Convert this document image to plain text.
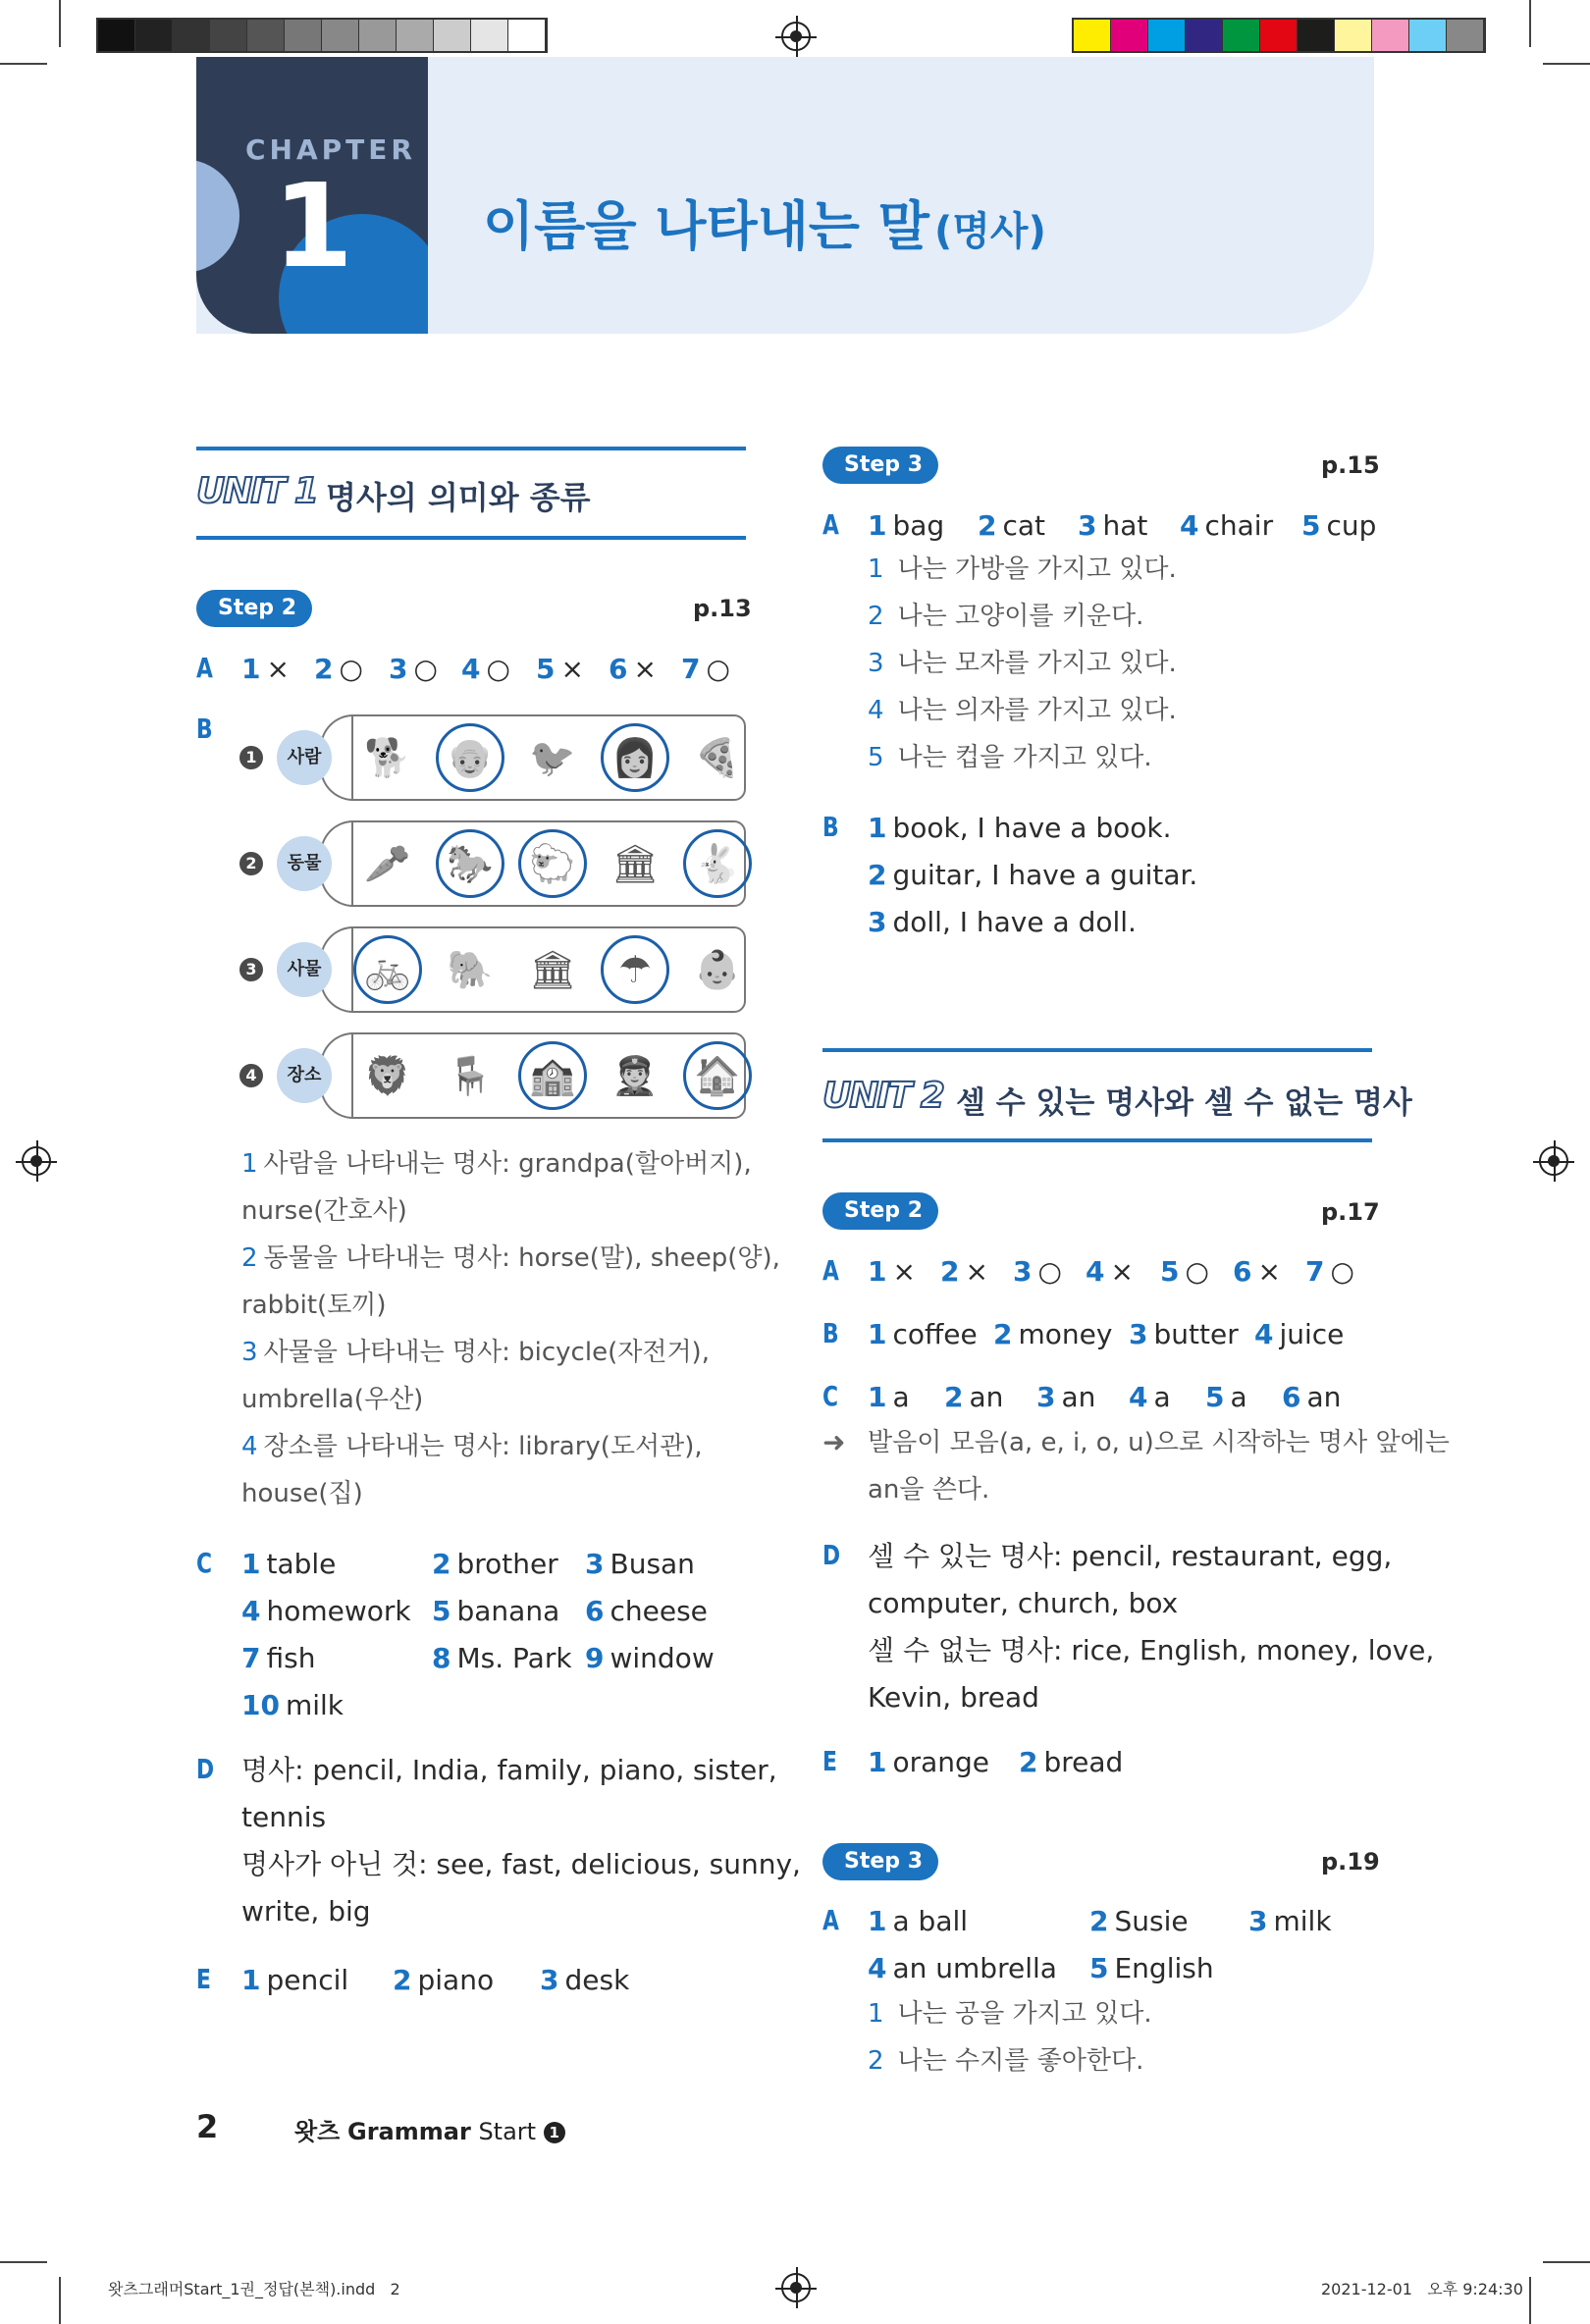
CHAPTER
1 이름을 나타내는 말 (명사)
UNIT 1 명사의 의미와 종류
Step 2	p.13
A 1 × 2 ○ 3 ○ 4 ○ 5 × 6 × 7 ○
B
1	사람 🐕 👴 🐦 👩 🍕
2	동물 🥕 🐎 🐑 🏛 🐇
3	사물 🚲 🐘 🏛	☂	👶
4	장소 🦁 🪑 🏫 👮 🏠
1 사람을 나타내는 명사: grandpa(할아버지),
nurse(간호사)
2 동물을 나타내는 명사: horse(말), sheep(양),
rabbit(토끼)
3 사물을 나타내는 명사: bicycle(자전거),
umbrella(우산)
4 장소를 나타내는 명사: library(도서관),
house(집)
C 1 table	2 brother 3 Busan
4 homework 5 banana 6 cheese
7 fish	8 Ms. Park 9 window
10 milk
D 명사: pencil, India, family, piano, sister,
tennis
명사가 아닌 것: see, fast, delicious, sunny,
write, big
E 1 pencil 2 piano 3 desk
Step 3	p.15
A 1 bag 2 cat 3 hat 4 chair 5 cup
1 나는 가방을 가지고 있다.
2 나는 고양이를 키운다.
3 나는 모자를 가지고 있다.
4 나는 의자를 가지고 있다.
5 나는 컵을 가지고 있다.
B 1 book, I have a book.
2 guitar, I have a guitar.
3 doll, I have a doll.
UNIT 2 셀 수 있는 명사와 셀 수 없는 명사
Step 2	p.17
A 1 × 2 × 3 ○ 4 × 5 ○ 6 × 7 ○
B 1 coffee 2 money 3 butter 4 juice
C 1 a 2 an 3 an 4 a 5 a 6 an
➜ 발음이 모음(a, e, i, o, u)으로 시작하는 명사 앞에는
an을 쓴다.
D 셀 수 있는 명사: pencil, restaurant, egg,
computer, church, box
셀 수 없는 명사: rice, English, money, love,
Kevin, bread
E 1 orange 2 bread
Step 3	p.19
A 1 a ball	2 Susie 3 milk
4 an umbrella 5 English
1 나는 공을 가지고 있다.
2 나는 수지를 좋아한다.
2	왓츠 Grammar Start 1
왓츠그래머Start_1권_정답(본책).indd   2	2021-12-01   오후 9:24:30
